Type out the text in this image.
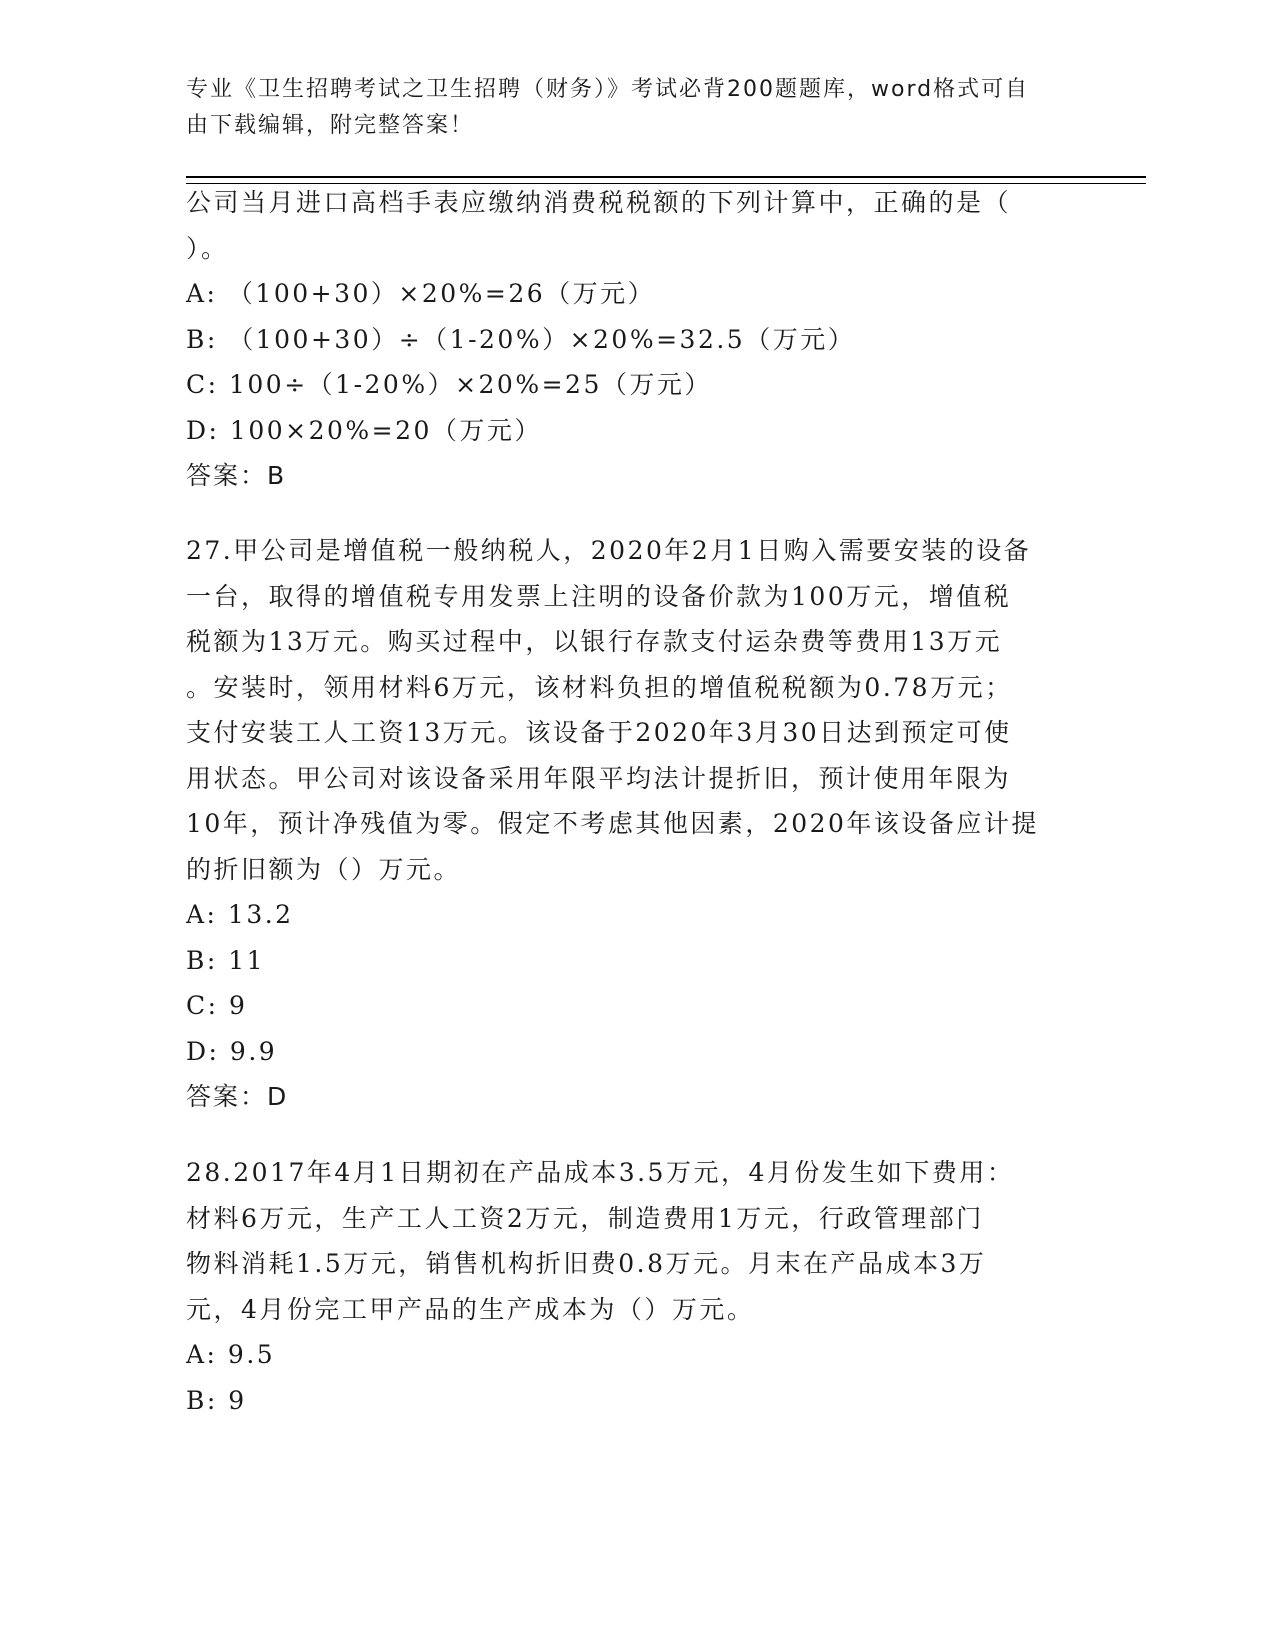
专业《卫生招聘考试之卫生招聘（财务）》考试必背200题题库，word格式可自
由下载编辑，附完整答案！
公司当月进口高档手表应缴纳消费税税额的下列计算中，正确的是（
）。
A: （100+30）×20%=26（万元）
B: （100+30）÷（1-20%）×20%=32.5（万元）
C: 100÷（1-20%）×20%=25（万元）
D: 100×20%=20（万元）
答案：B
27.甲公司是增值税一般纳税人，2020年2月1日购入需要安装的设备
一台，取得的增值税专用发票上注明的设备价款为100万元，增值税
税额为13万元。购买过程中，以银行存款支付运杂费等费用13万元
。安装时，领用材料6万元，该材料负担的增值税税额为0.78万元；
支付安装工人工资13万元。该设备于2020年3月30日达到预定可使
用状态。甲公司对该设备采用年限平均法计提折旧，预计使用年限为
10年，预计净残值为零。假定不考虑其他因素，2020年该设备应计提
的折旧额为（）万元。
A: 13.2
B: 11
C: 9
D: 9.9
答案：D
28.2017年4月1日期初在产品成本3.5万元，4月份发生如下费用：
材料6万元，生产工人工资2万元，制造费用1万元，行政管理部门
物料消耗1.5万元，销售机构折旧费0.8万元。月末在产品成本3万
元，4月份完工甲产品的生产成本为（）万元。
A: 9.5
B: 9
